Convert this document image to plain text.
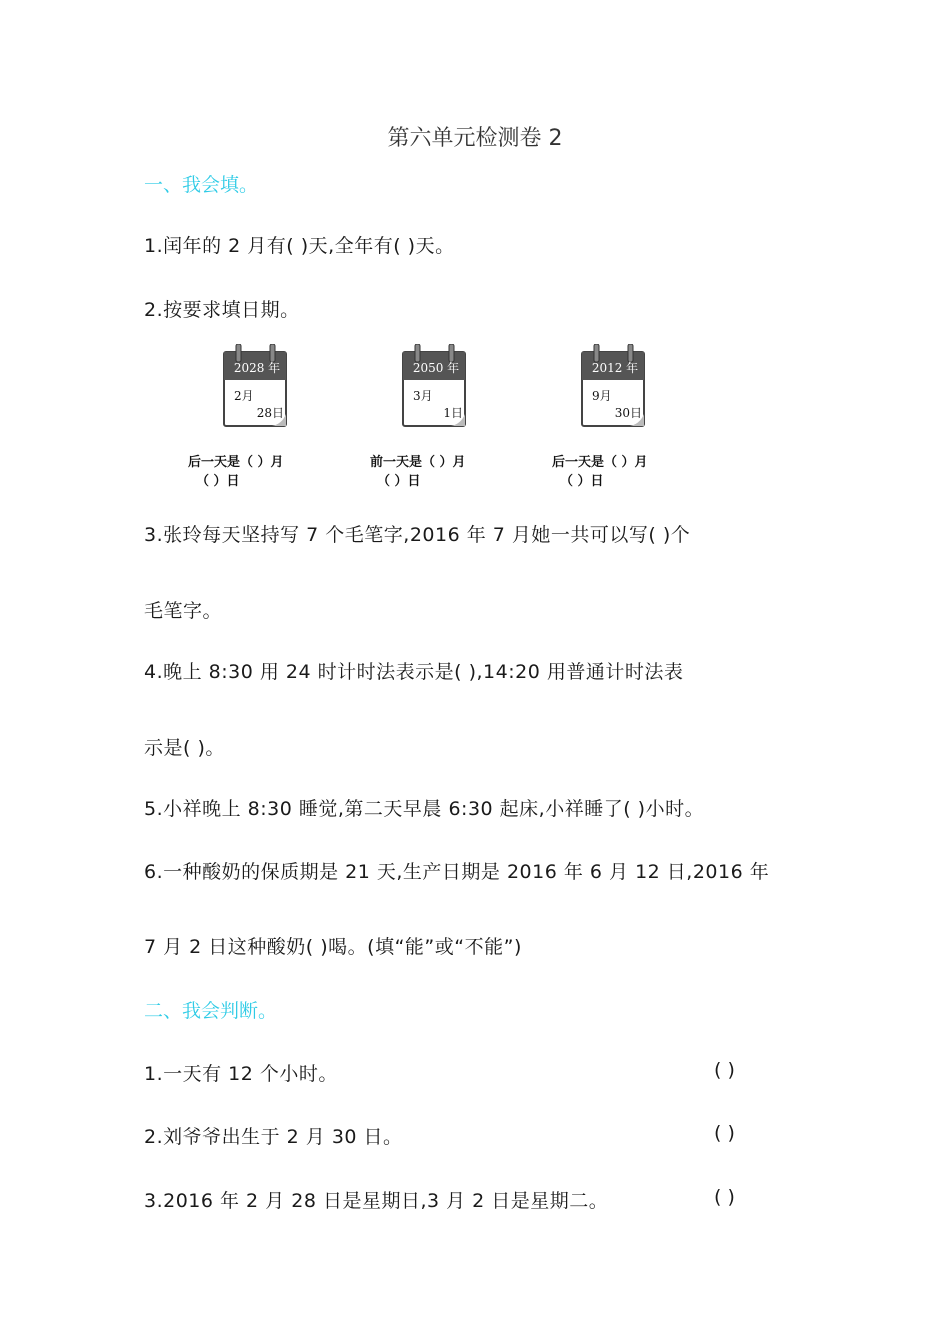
第六单元检测卷 2
一、我会填。
1.闰年的 2 月有( )天,全年有( )天。
2.按要求填日期。
2028 年
2月
28日
后一天是（ ）月
（ ）日
2050 年
3月
1日
前一天是（ ）月
（ ）日
2012 年
9月
30日
后一天是（ ）月
（ ）日
3.张玲每天坚持写 7 个毛笔字,2016 年 7 月她一共可以写( )个
毛笔字。
4.晚上 8:30 用 24 时计时法表示是( ),14:20 用普通计时法表
示是( )。
5.小祥晚上 8:30 睡觉,第二天早晨 6:30 起床,小祥睡了( )小时。
6.一种酸奶的保质期是 21 天,生产日期是 2016 年 6 月 12 日,2016 年
7 月 2 日这种酸奶( )喝。(填“能”或“不能”)
二、我会判断。
1.一天有 12 个小时。	( )
2.刘爷爷出生于 2 月 30 日。	( )
3.2016 年 2 月 28 日是星期日,3 月 2 日是星期二。	( )
